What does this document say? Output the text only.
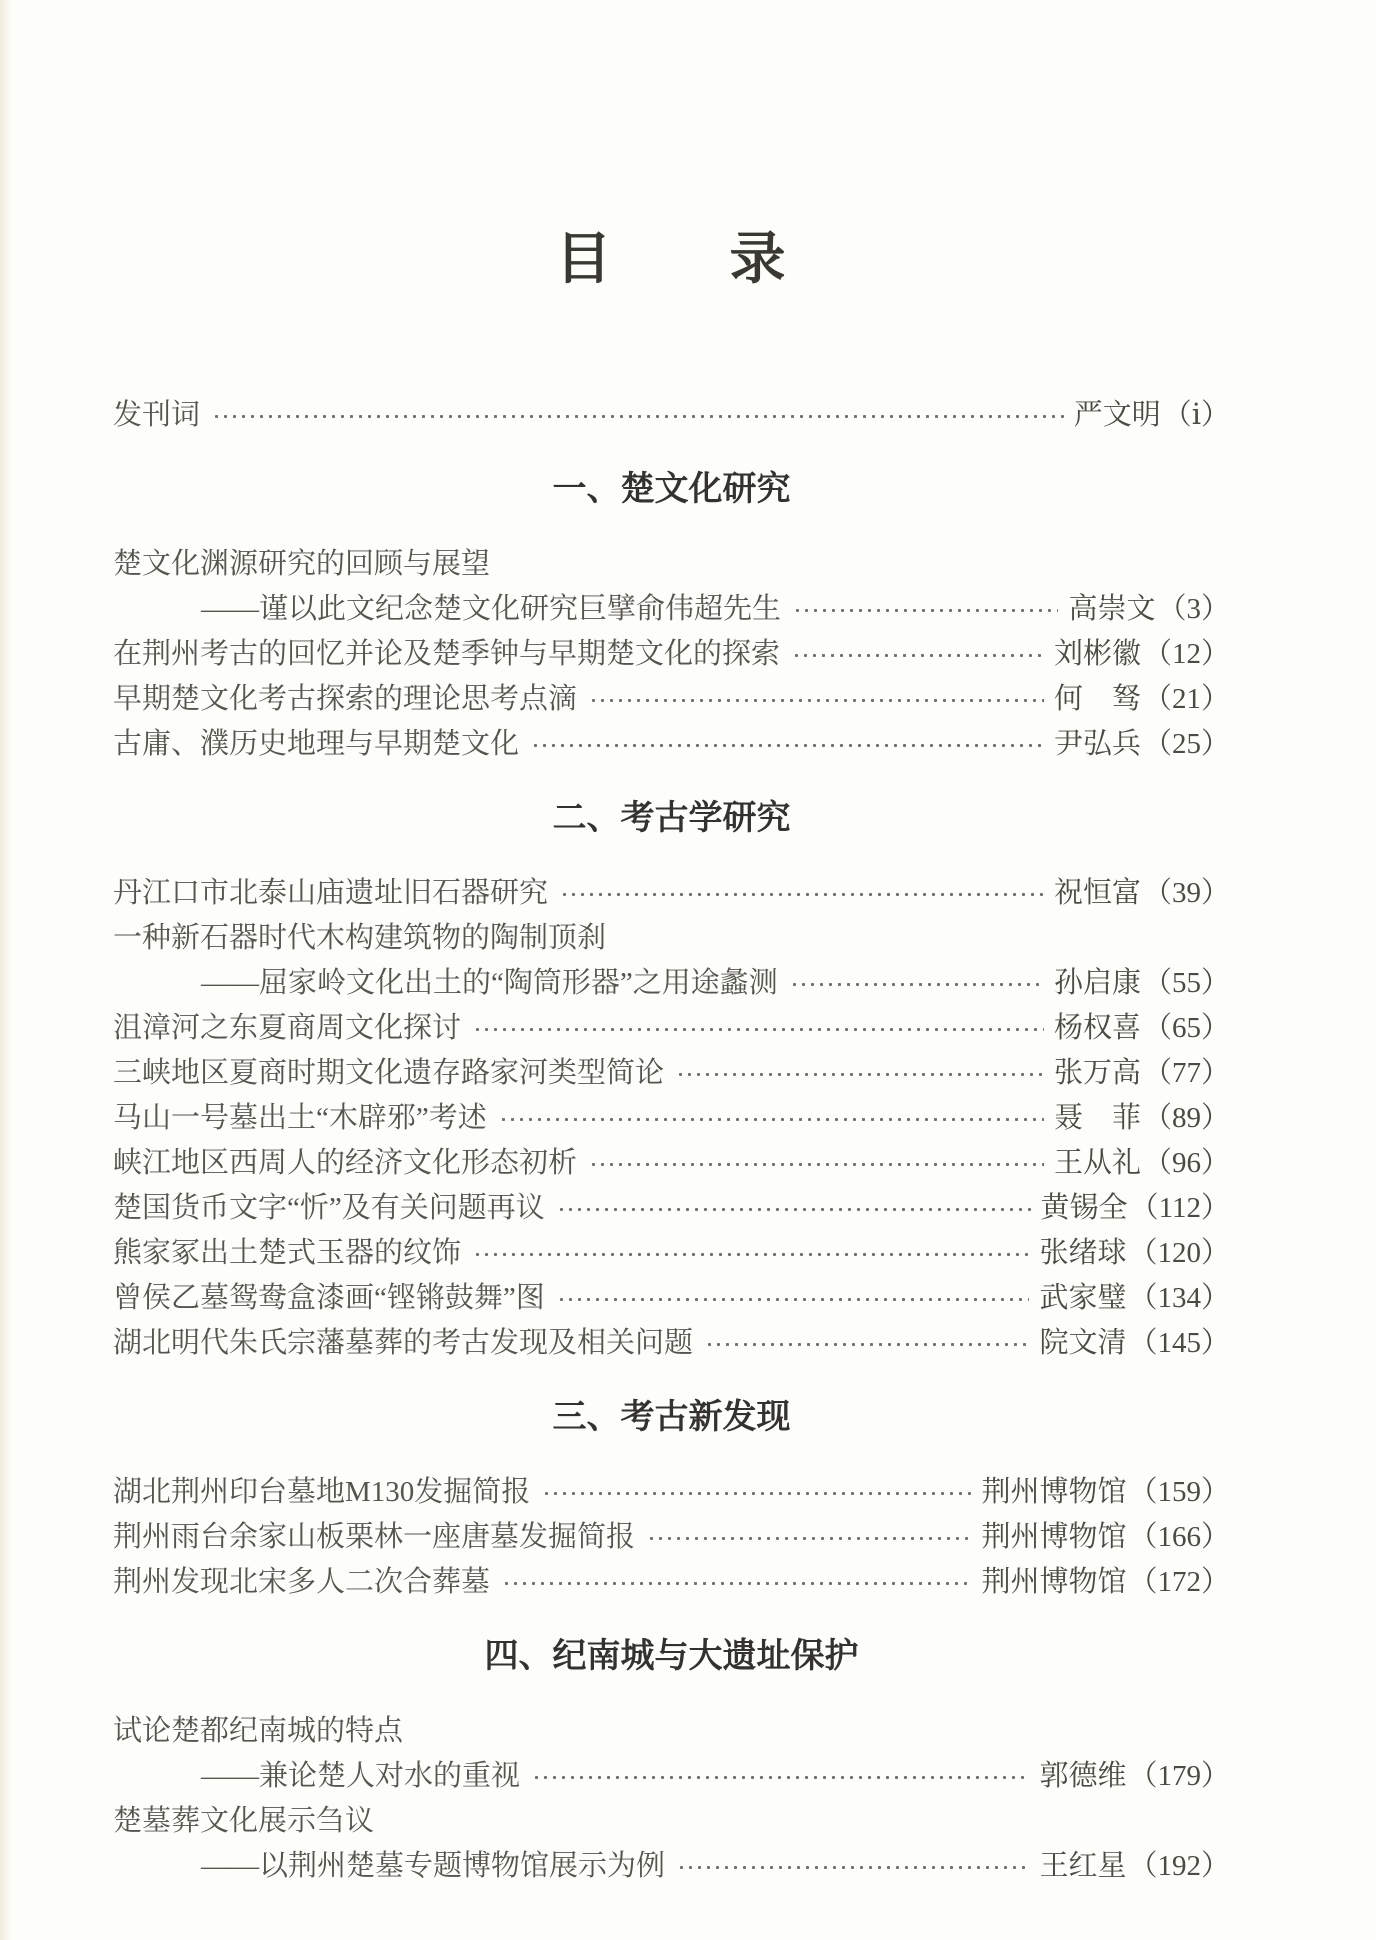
目　　录
发刊词	严文明 （ⅰ）
一、楚文化研究
楚文化渊源研究的回顾与展望
——谨以此文纪念楚文化研究巨擘俞伟超先生	高崇文 （3）
在荆州考古的回忆并论及楚季钟与早期楚文化的探索	刘彬徽 （12）
早期楚文化考古探索的理论思考点滴	何　驽 （21）
古庸、濮历史地理与早期楚文化	尹弘兵 （25）
二、考古学研究
丹江口市北泰山庙遗址旧石器研究	祝恒富 （39）
一种新石器时代木构建筑物的陶制顶刹
——屈家岭文化出土的“陶筒形器”之用途蠡测	孙启康 （55）
沮漳河之东夏商周文化探讨	杨权喜 （65）
三峡地区夏商时期文化遗存路家河类型简论	张万高 （77）
马山一号墓出土“木辟邪”考述	聂　菲 （89）
峡江地区西周人的经济文化形态初析	王从礼 （96）
楚国货币文字“忻”及有关问题再议	黄锡全 （112）
熊家冢出土楚式玉器的纹饰	张绪球 （120）
曾侯乙墓鸳鸯盒漆画“铿锵鼓舞”图	武家璧 （134）
湖北明代朱氏宗藩墓葬的考古发现及相关问题	院文清 （145）
三、考古新发现
湖北荆州印台墓地M130发掘简报	荆州博物馆 （159）
荆州雨台余家山板栗林一座唐墓发掘简报	荆州博物馆 （166）
荆州发现北宋多人二次合葬墓	荆州博物馆 （172）
四、纪南城与大遗址保护
试论楚都纪南城的特点
——兼论楚人对水的重视	郭德维 （179）
楚墓葬文化展示刍议
——以荆州楚墓专题博物馆展示为例	王红星 （192）
